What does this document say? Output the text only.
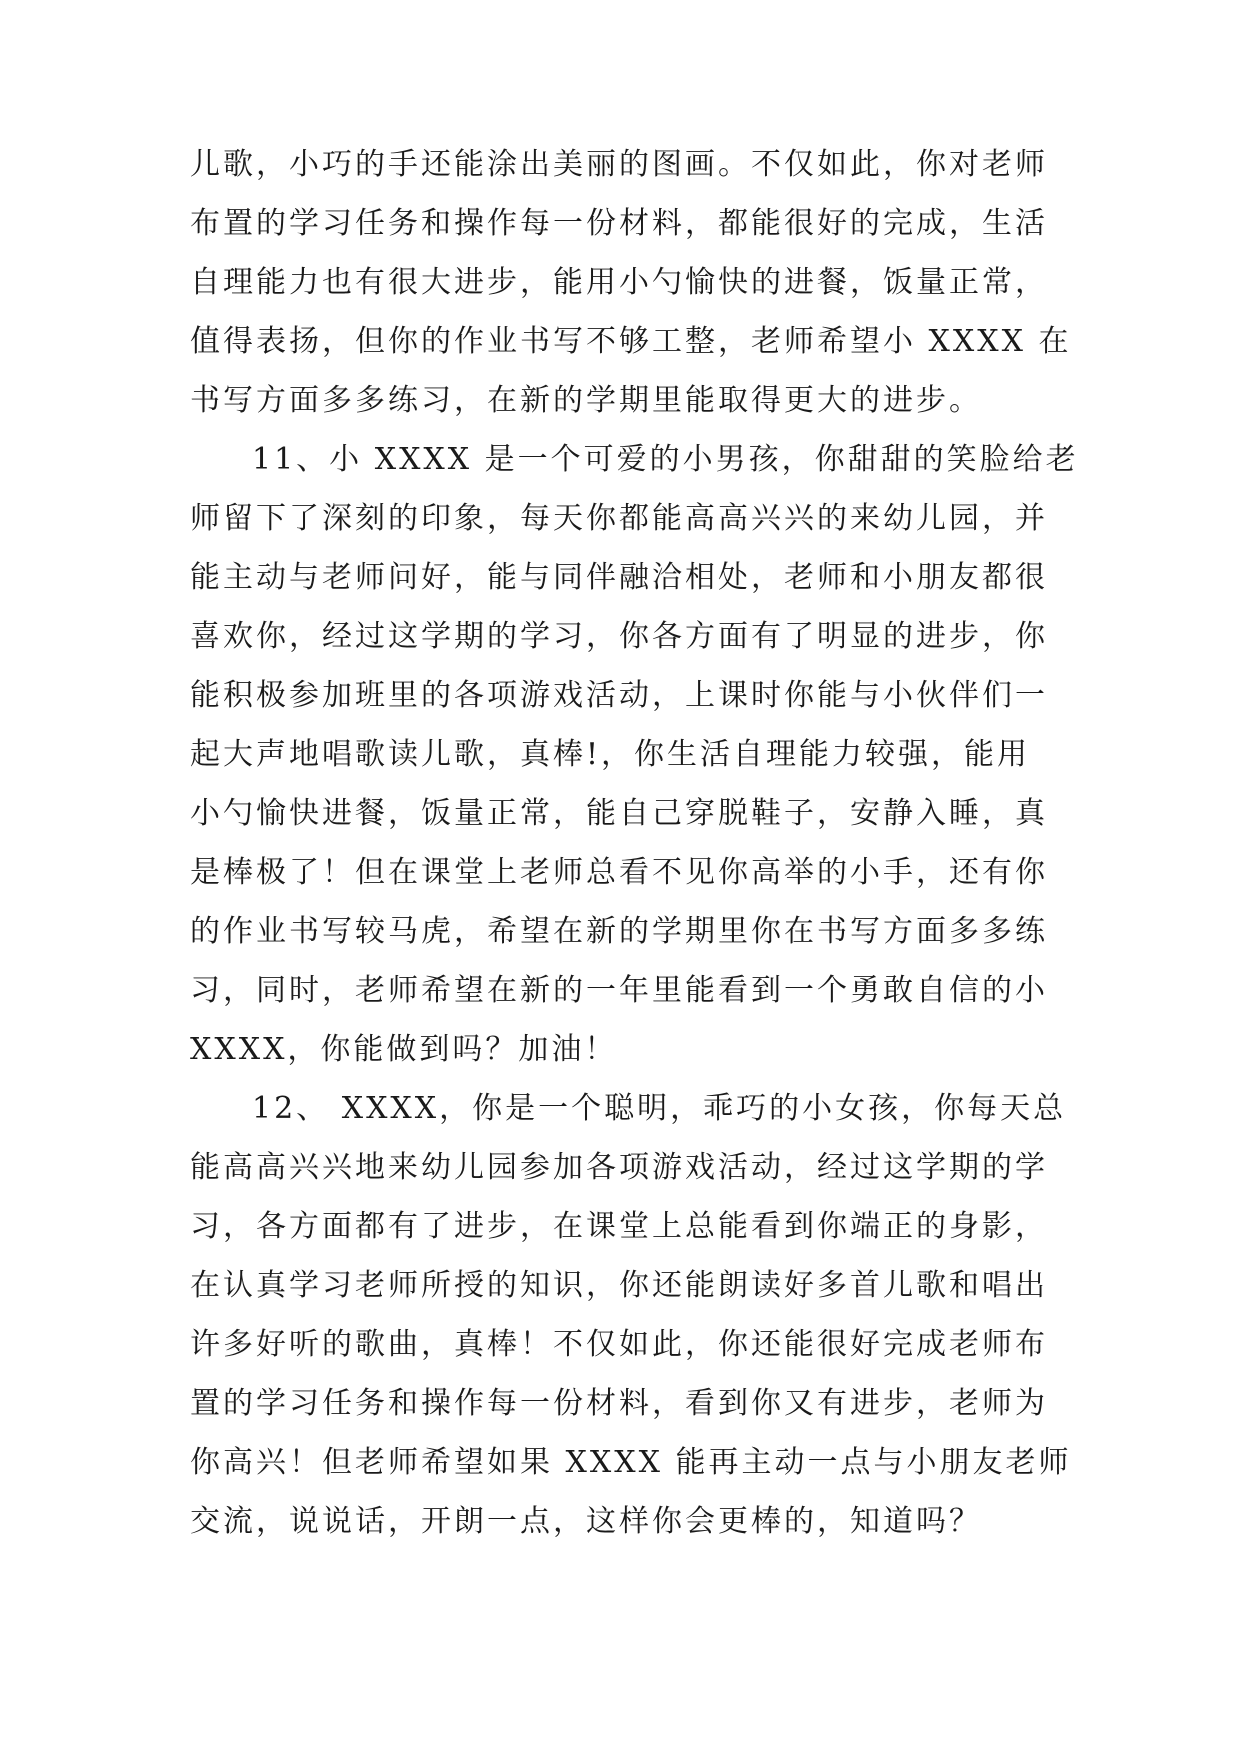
儿歌，小巧的手还能涂出美丽的图画。不仅如此，你对老师
布置的学习任务和操作每一份材料，都能很好的完成，生活
自理能力也有很大进步，能用小勺愉快的进餐，饭量正常，
值得表扬，但你的作业书写不够工整，老师希望小 XXXX 在
书写方面多多练习，在新的学期里能取得更大的进步。
11、小 XXXX 是一个可爱的小男孩，你甜甜的笑脸给老
师留下了深刻的印象，每天你都能高高兴兴的来幼儿园，并
能主动与老师问好，能与同伴融洽相处，老师和小朋友都很
喜欢你，经过这学期的学习，你各方面有了明显的进步，你
能积极参加班里的各项游戏活动，上课时你能与小伙伴们一
起大声地唱歌读儿歌，真棒!，你生活自理能力较强，能用
小勺愉快进餐，饭量正常，能自己穿脱鞋子，安静入睡，真
是棒极了！但在课堂上老师总看不见你高举的小手，还有你
的作业书写较马虎，希望在新的学期里你在书写方面多多练
习，同时，老师希望在新的一年里能看到一个勇敢自信的小
XXXX，你能做到吗？加油！
12、 XXXX，你是一个聪明，乖巧的小女孩，你每天总
能高高兴兴地来幼儿园参加各项游戏活动，经过这学期的学
习，各方面都有了进步，在课堂上总能看到你端正的身影，
在认真学习老师所授的知识，你还能朗读好多首儿歌和唱出
许多好听的歌曲，真棒！不仅如此，你还能很好完成老师布
置的学习任务和操作每一份材料，看到你又有进步，老师为
你高兴！但老师希望如果 XXXX 能再主动一点与小朋友老师
交流，说说话，开朗一点，这样你会更棒的，知道吗？
